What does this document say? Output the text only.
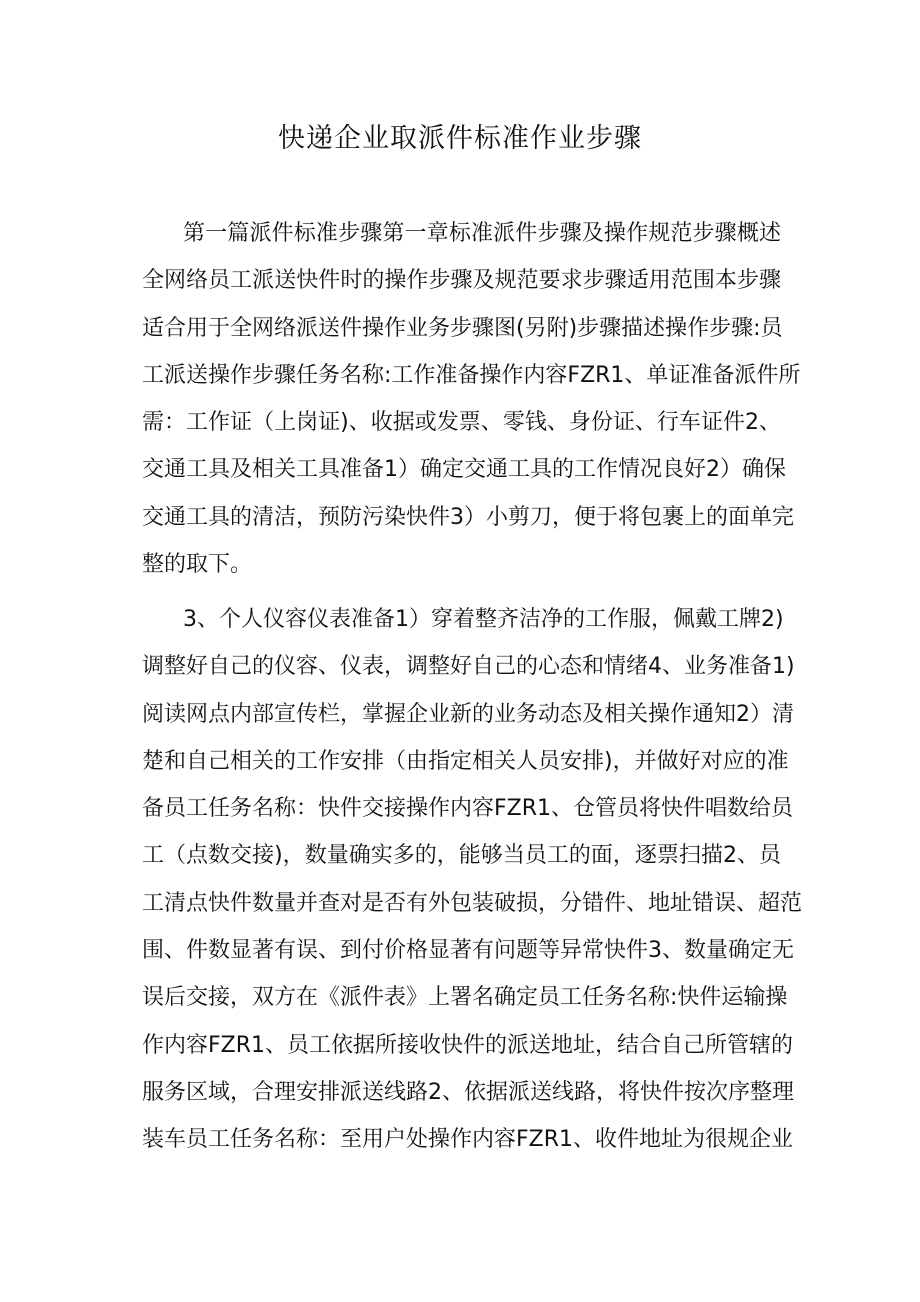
快递企业取派件标准作业步骤
第一篇派件标准步骤第一章标准派件步骤及操作规范步骤概述
全网络员工派送快件时的操作步骤及规范要求步骤适用范围本步骤
适合用于全网络派送件操作业务步骤图(另附)步骤描述操作步骤:员
工派送操作步骤任务名称:工作准备操作内容FZR1、单证准备派件所
需：工作证（上岗证)、收据或发票、零钱、身份证、行车证件2、
交通工具及相关工具准备1）确定交通工具的工作情况良好2）确保
交通工具的清洁，预防污染快件3）小剪刀，便于将包裹上的面单完
整的取下。
3、个人仪容仪表准备1）穿着整齐洁净的工作服，佩戴工牌2)
调整好自己的仪容、仪表，调整好自己的心态和情绪4、业务准备1)
阅读网点内部宣传栏，掌握企业新的业务动态及相关操作通知2）清
楚和自己相关的工作安排（由指定相关人员安排)，并做好对应的准
备员工任务名称：快件交接操作内容FZR1、仓管员将快件唱数给员
工（点数交接)，数量确实多的，能够当员工的面，逐票扫描2、员
工清点快件数量并查对是否有外包装破损，分错件、地址错误、超范
围、件数显著有误、到付价格显著有问题等异常快件3、数量确定无
误后交接，双方在《派件表》上署名确定员工任务名称:快件运输操
作内容FZR1、员工依据所接收快件的派送地址，结合自己所管辖的
服务区域，合理安排派送线路2、依据派送线路，将快件按次序整理
装车员工任务名称：至用户处操作内容FZR1、收件地址为很规企业
